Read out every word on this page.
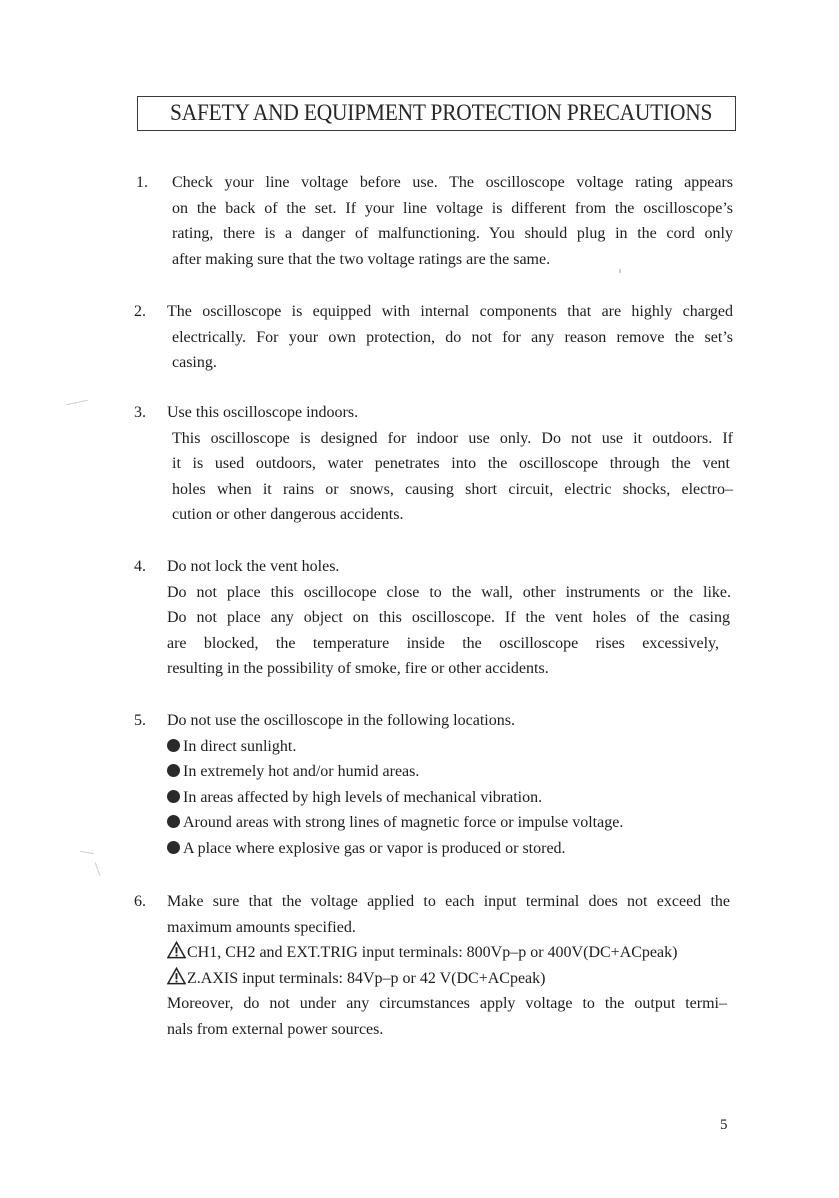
SAFETY AND EQUIPMENT PROTECTION PRECAUTIONS
1. Check your line voltage before use. The oscilloscope voltage rating appears
on the back of the set. If your line voltage is different from the oscilloscope’s
rating, there is a danger of malfunctioning. You should plug in the cord only
after making sure that the two voltage ratings are the same.
2. The oscilloscope is equipped with internal components that are highly charged
electrically. For your own protection, do not for any reason remove the set’s
casing.
3. Use this oscilloscope indoors.
This oscilloscope is designed for indoor use only. Do not use it outdoors. If
it is used outdoors, water penetrates into the oscilloscope through the vent
holes when it rains or snows, causing short circuit, electric shocks, electro–
cution or other dangerous accidents.
4. Do not lock the vent holes.
Do not place this oscillocope close to the wall, other instruments or the like.
Do not place any object on this oscilloscope. If the vent holes of the casing
are blocked, the temperature inside the oscilloscope rises excessively,
resulting in the possibility of smoke, fire or other accidents.
5. Do not use the oscilloscope in the following locations.
In direct sunlight.
In extremely hot and/or humid areas.
In areas affected by high levels of mechanical vibration.
Around areas with strong lines of magnetic force or impulse voltage.
A place where explosive gas or vapor is produced or stored.
6. Make sure that the voltage applied to each input terminal does not exceed the
maximum amounts specified.
CH1, CH2 and EXT.TRIG input terminals: 800Vp–p or 400V(DC+ACpeak)
Z.AXIS input terminals: 84Vp–p or 42 V(DC+ACpeak)
Moreover, do not under any circumstances apply voltage to the output termi–
nals from external power sources.
5
